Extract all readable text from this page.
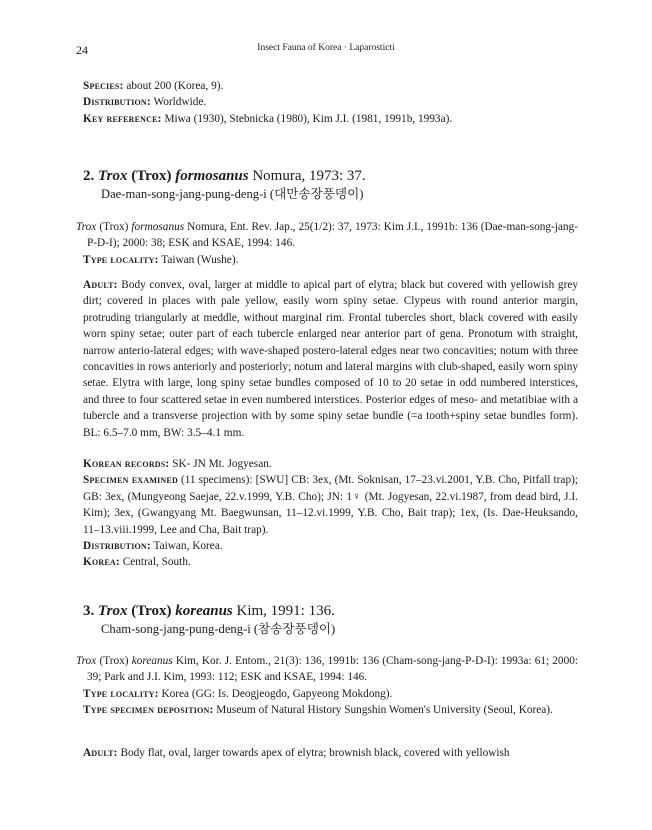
24	Insect Fauna of Korea · Laparosticti

Species: about 200 (Korea, 9).

Distribution: Worldwide.

Key reference: Miwa (1930), Stebnicka (1980), Kim J.I. (1981, 1991b, 1993a).

2. Trox (Trox) formosanus Nomura, 1973: 37.
Dae-man-song-jang-pung-deng-i (대만송장풍뎅이)

Trox (Trox) formosanus Nomura, Ent. Rev. Jap., 25(1/2): 37, 1973: Kim J.I., 1991b: 136 (Dae-man-song-jang-P-D-I); 2000: 38; ESK and KSAE, 1994: 146.

Type locality: Taiwan (Wushe).

Adult: Body convex, oval, larger at middle to apical part of elytra; black but covered with yellowish grey dirt; covered in places with pale yellow, easily worn spiny setae. Clypeus with round anterior margin, protruding triangularly at meddle, without marginal rim. Frontal tubercles short, black covered with easily worn spiny setae; outer part of each tubercle enlarged near anterior part of gena. Pronotum with straight, narrow anterio-lateral edges; with wave-shaped postero-lateral edges near two concavities; notum with three concavities in rows anteriorly and posteriorly; notum and lateral margins with club-shaped, easily worn spiny setae. Elytra with large, long spiny setae bundles composed of 10 to 20 setae in odd numbered interstices, and three to four scattered setae in even numbered interstices. Posterior edges of meso- and metatibiae with a tubercle and a transverse projection with by some spiny setae bundle (=a tooth+spiny setae bundles form). BL: 6.5–7.0 mm, BW: 3.5–4.1 mm.

Korean records: SK- JN Mt. Jogyesan.

Specimen examined (11 specimens): [SWU] CB: 3ex, (Mt. Soknisan, 17–23.vi.2001, Y.B. Cho, Pitfall trap); GB: 3ex, (Mungyeong Saejae, 22.v.1999, Y.B. Cho); JN: 1♀ (Mt. Jogyesan, 22.vi.1987, from dead bird, J.I. Kim); 3ex, (Gwangyang Mt. Baegwunsan, 11–12.vi.1999, Y.B. Cho, Bait trap); 1ex, (Is. Dae-Heuksando, 11–13.viii.1999, Lee and Cha, Bait trap).

Distribution: Taiwan, Korea.

Korea: Central, South.

3. Trox (Trox) koreanus Kim, 1991: 136.
Cham-song-jang-pung-deng-i (참송장풍뎅이)

Trox (Trox) koreanus Kim, Kor. J. Entom., 21(3): 136, 1991b: 136 (Cham-song-jang-P-D-I): 1993a: 61; 2000: 39; Park and J.I. Kim, 1993: 112; ESK and KSAE, 1994: 146.

Type locality: Korea (GG: Is. Deogjeogdo, Gapyeong Mokdong).

Type specimen deposition: Museum of Natural History Sungshin Women's University (Seoul, Korea).

Adult: Body flat, oval, larger towards apex of elytra; brownish black, covered with yellowish
